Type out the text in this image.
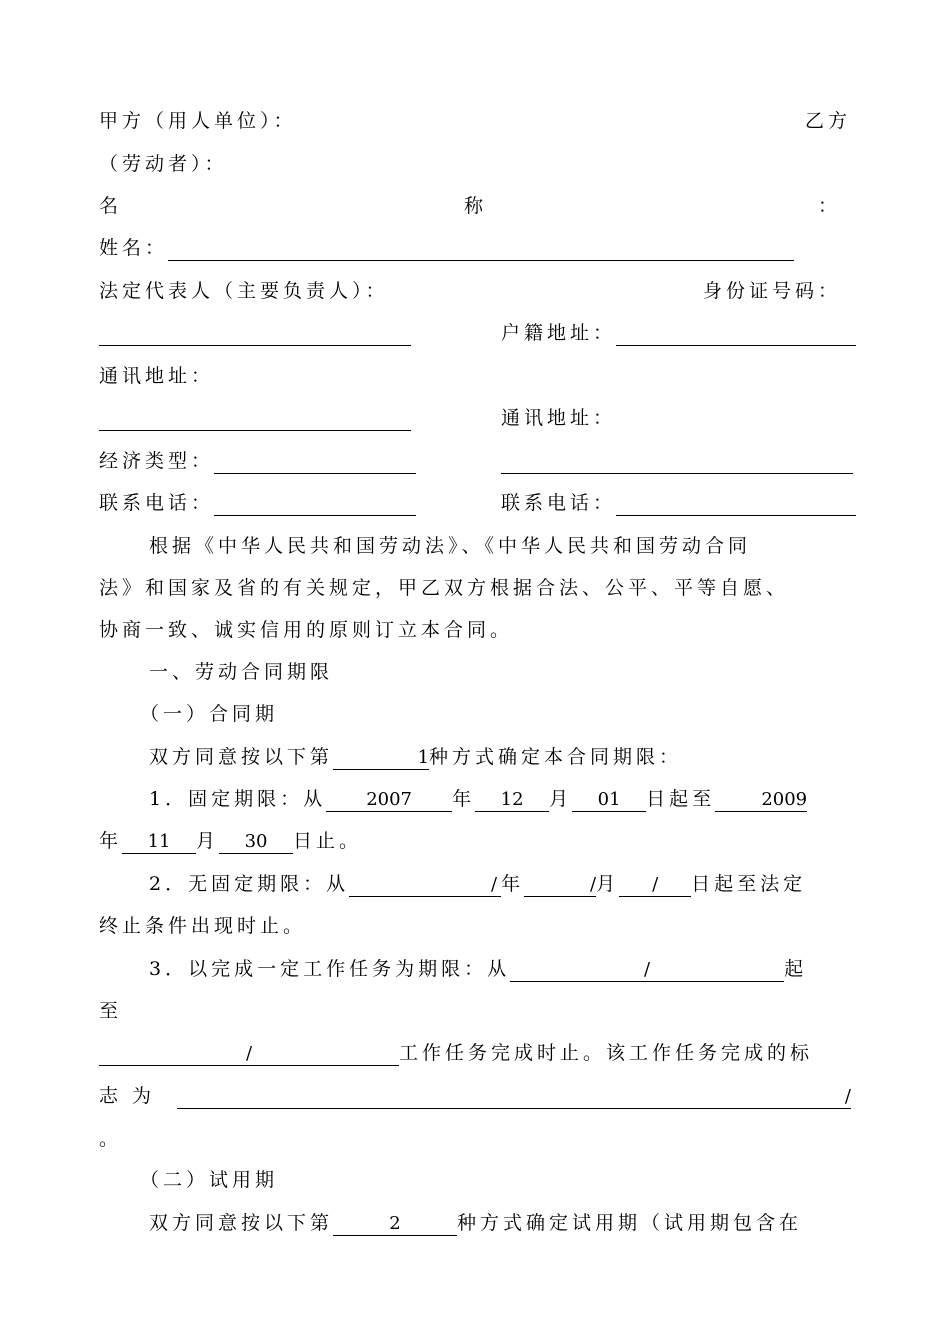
甲方（用人单位）：	乙方
（劳动者）：
名	称	：
姓名：
法定代表人（主要负责人）：	身份证号码：
户籍地址：
通讯地址：
通讯地址：
经济类型：
联系电话：	联系电话：
根据《中华人民共和国劳动法》、《中华人民共和国劳动合同
法》和国家及省的有关规定，甲乙双方根据合法、公平、平等自愿、
协商一致、诚实信用的原则订立本合同。
一、劳动合同期限
（一）合同期
双方同意按以下第	1种方式确定本合同期限：
1．固定期限：从 2007 年 12 月 01 日起至	2009
年 11 月 30 日止。
2．无固定期限：从	/ 年	/月 / 日起至法定
终止条件出现时止。
3．以完成一定工作任务为期限：从	/	起
至
/	工作任务完成时止。该工作任务完成的标
志 为	/
。
（二）试用期
双方同意按以下第	2	种方式确定试用期（试用期包含在
